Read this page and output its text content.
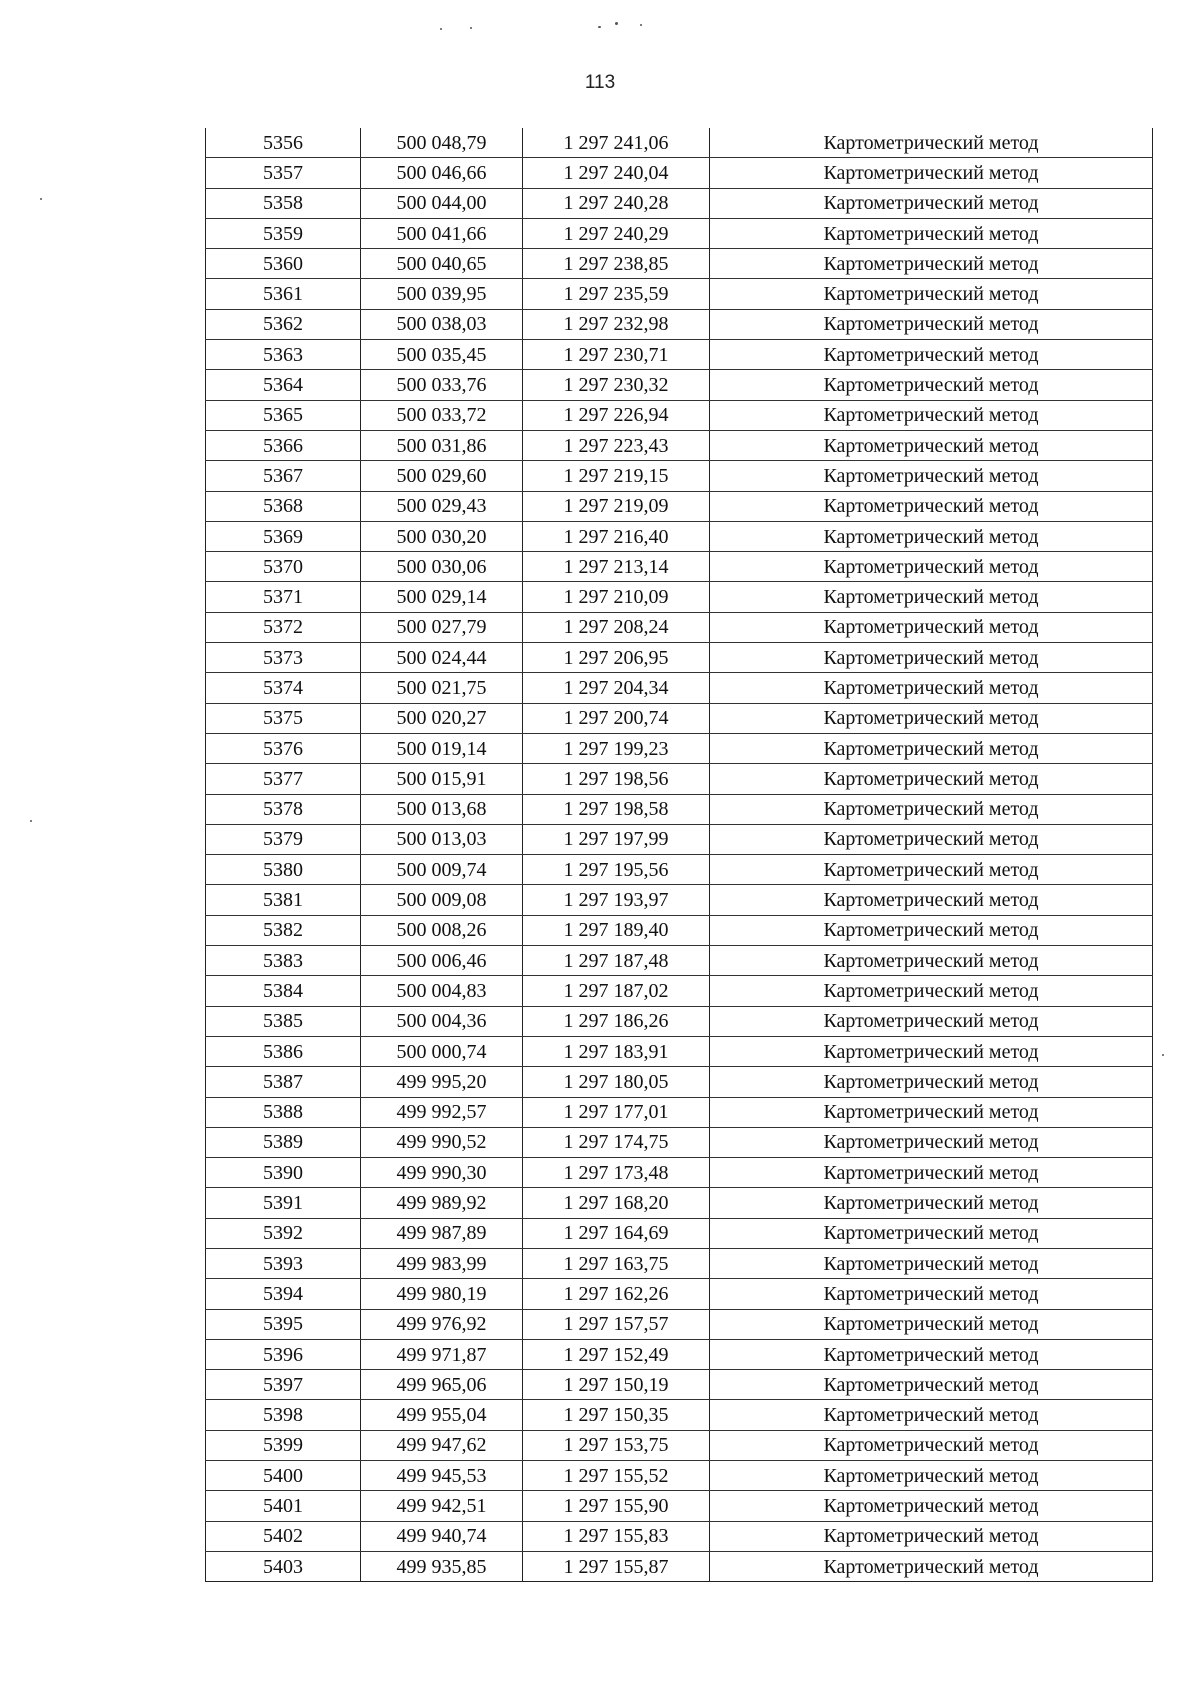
113
5356	500 048,79	1 297 241,06	Картометрический метод
5357	500 046,66	1 297 240,04	Картометрический метод
5358	500 044,00	1 297 240,28	Картометрический метод
5359	500 041,66	1 297 240,29	Картометрический метод
5360	500 040,65	1 297 238,85	Картометрический метод
5361	500 039,95	1 297 235,59	Картометрический метод
5362	500 038,03	1 297 232,98	Картометрический метод
5363	500 035,45	1 297 230,71	Картометрический метод
5364	500 033,76	1 297 230,32	Картометрический метод
5365	500 033,72	1 297 226,94	Картометрический метод
5366	500 031,86	1 297 223,43	Картометрический метод
5367	500 029,60	1 297 219,15	Картометрический метод
5368	500 029,43	1 297 219,09	Картометрический метод
5369	500 030,20	1 297 216,40	Картометрический метод
5370	500 030,06	1 297 213,14	Картометрический метод
5371	500 029,14	1 297 210,09	Картометрический метод
5372	500 027,79	1 297 208,24	Картометрический метод
5373	500 024,44	1 297 206,95	Картометрический метод
5374	500 021,75	1 297 204,34	Картометрический метод
5375	500 020,27	1 297 200,74	Картометрический метод
5376	500 019,14	1 297 199,23	Картометрический метод
5377	500 015,91	1 297 198,56	Картометрический метод
5378	500 013,68	1 297 198,58	Картометрический метод
5379	500 013,03	1 297 197,99	Картометрический метод
5380	500 009,74	1 297 195,56	Картометрический метод
5381	500 009,08	1 297 193,97	Картометрический метод
5382	500 008,26	1 297 189,40	Картометрический метод
5383	500 006,46	1 297 187,48	Картометрический метод
5384	500 004,83	1 297 187,02	Картометрический метод
5385	500 004,36	1 297 186,26	Картометрический метод
5386	500 000,74	1 297 183,91	Картометрический метод
5387	499 995,20	1 297 180,05	Картометрический метод
5388	499 992,57	1 297 177,01	Картометрический метод
5389	499 990,52	1 297 174,75	Картометрический метод
5390	499 990,30	1 297 173,48	Картометрический метод
5391	499 989,92	1 297 168,20	Картометрический метод
5392	499 987,89	1 297 164,69	Картометрический метод
5393	499 983,99	1 297 163,75	Картометрический метод
5394	499 980,19	1 297 162,26	Картометрический метод
5395	499 976,92	1 297 157,57	Картометрический метод
5396	499 971,87	1 297 152,49	Картометрический метод
5397	499 965,06	1 297 150,19	Картометрический метод
5398	499 955,04	1 297 150,35	Картометрический метод
5399	499 947,62	1 297 153,75	Картометрический метод
5400	499 945,53	1 297 155,52	Картометрический метод
5401	499 942,51	1 297 155,90	Картометрический метод
5402	499 940,74	1 297 155,83	Картометрический метод
5403	499 935,85	1 297 155,87	Картометрический метод
